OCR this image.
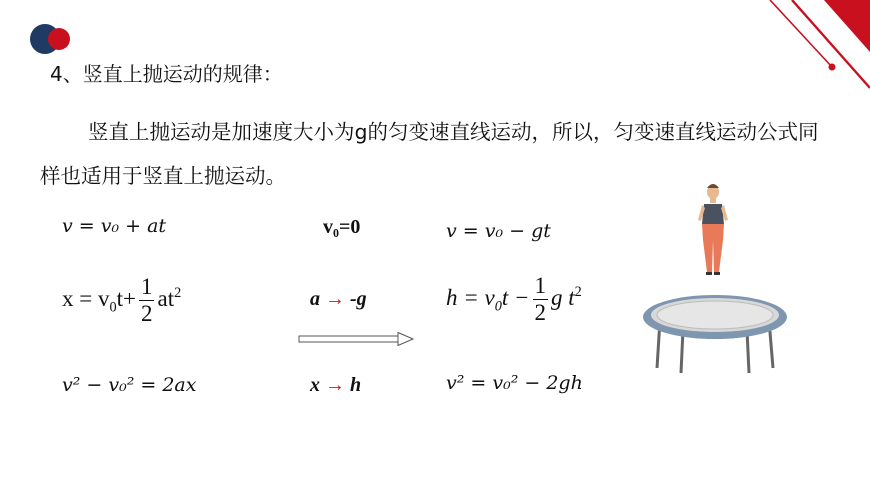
4、竖直上抛运动的规律：
竖直上抛运动是加速度大小为g的匀变速直线运动，所以，匀变速直线运动公式同样也适用于竖直上抛运动。
v = v₀ + at
$x = v_0t+ \frac{1}{2} at^2$
v² − v₀² = 2ax
v₀=0
a → -g
x → h
v = v₀ − gt
$h = v_0t - \frac{1}{2}$ g $t^2$
v² = v₀² − 2gh
